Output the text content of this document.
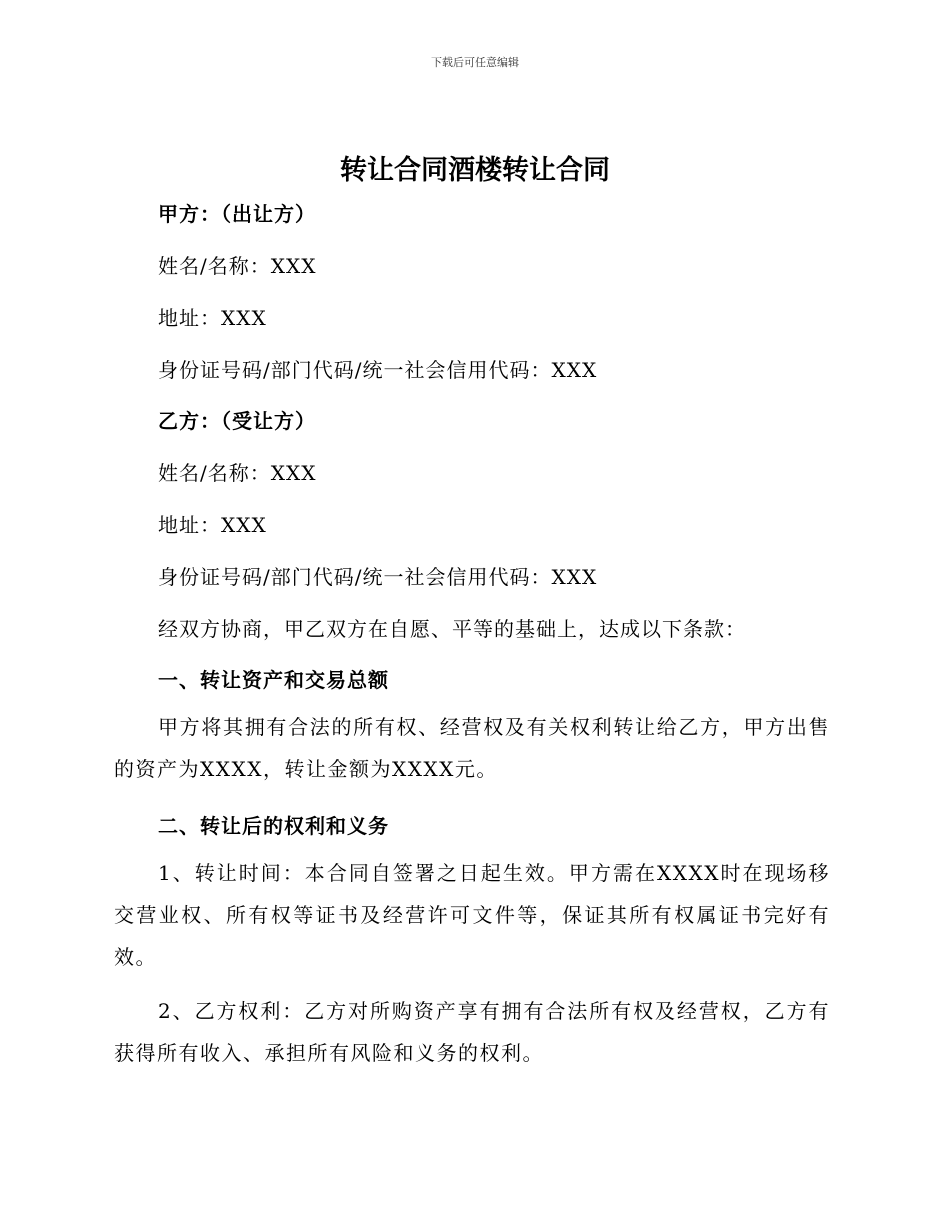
下载后可任意编辑
转让合同酒楼转让合同
甲方：（出让方）
姓名/名称：XXX
地址：XXX
身份证号码/部门代码/统一社会信用代码：XXX
乙方：（受让方）
姓名/名称：XXX
地址：XXX
身份证号码/部门代码/统一社会信用代码：XXX
经双方协商，甲乙双方在自愿、平等的基础上，达成以下条款：
一、转让资产和交易总额

甲方将其拥有合法的所有权、经营权及有关权利转让给乙方，甲方出售的资产为XXXX，转让金额为XXXX元。

二、转让后的权利和义务

1、转让时间：本合同自签署之日起生效。甲方需在XXXX时在现场移交营业权、所有权等证书及经营许可文件等，保证其所有权属证书完好有效。

2、乙方权利：乙方对所购资产享有拥有合法所有权及经营权，乙方有获得所有收入、承担所有风险和义务的权利。
